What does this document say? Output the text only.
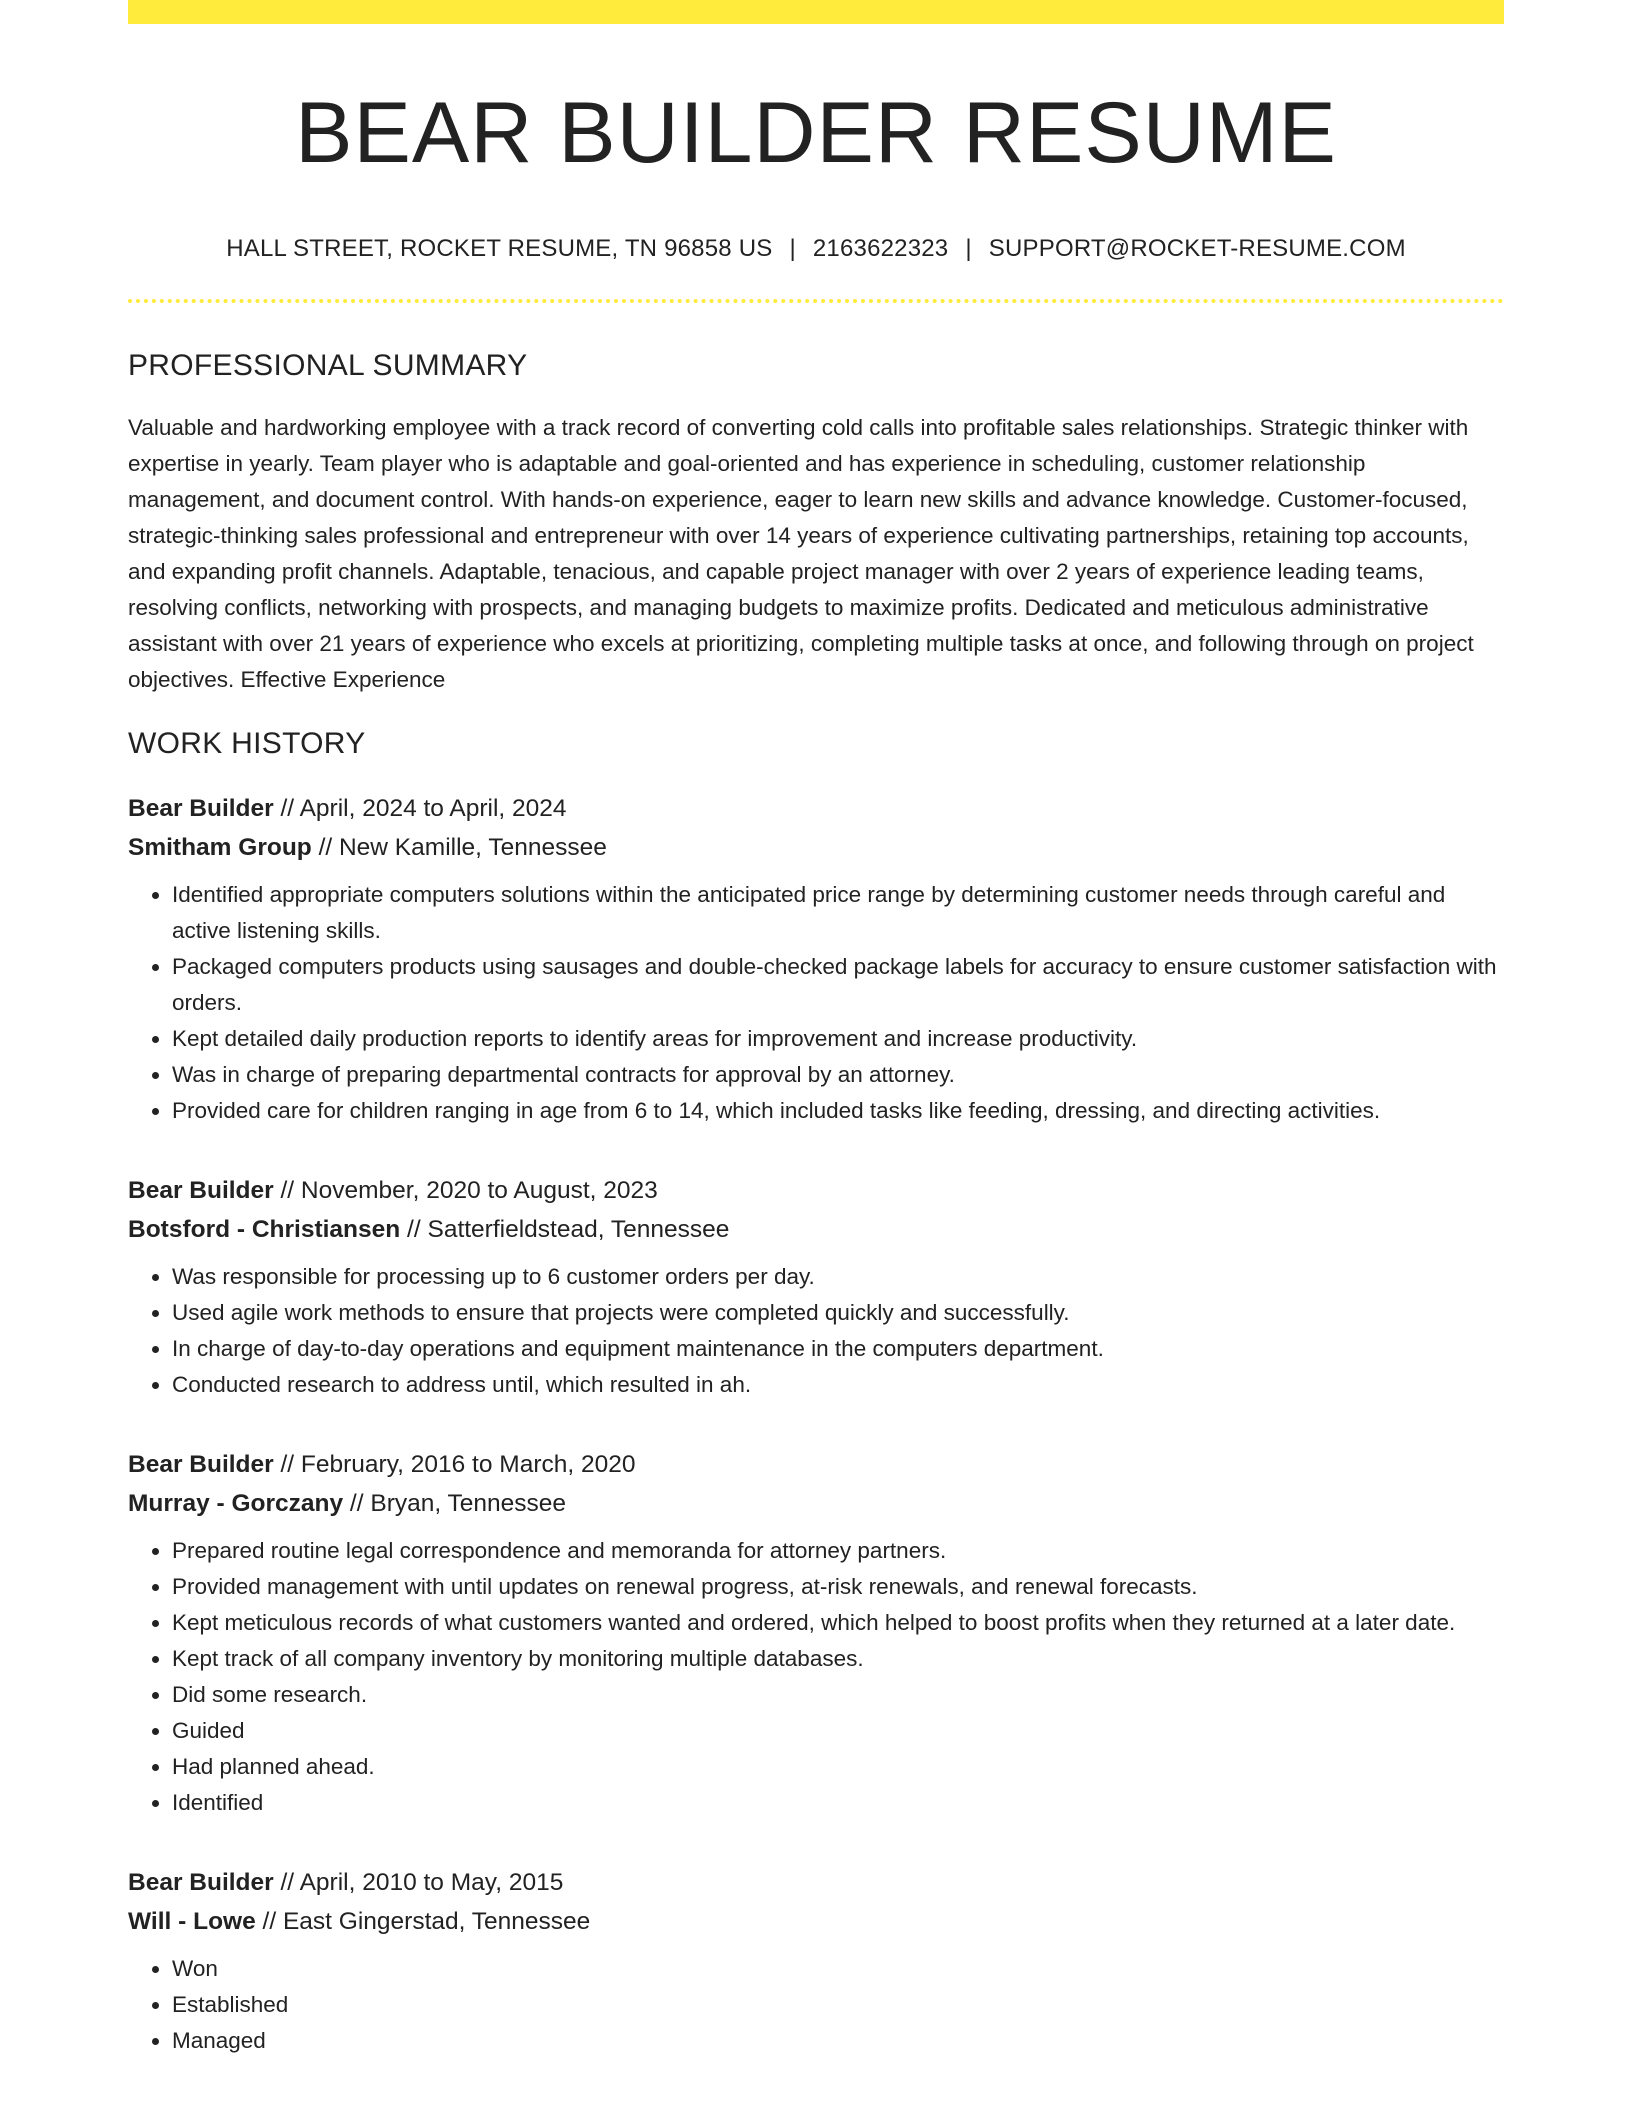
BEAR BUILDER RESUME
HALL STREET, ROCKET RESUME, TN 96858 US | 2163622323 | SUPPORT@ROCKET-RESUME.COM
PROFESSIONAL SUMMARY
Valuable and hardworking employee with a track record of converting cold calls into profitable sales relationships. Strategic thinker with expertise in yearly. Team player who is adaptable and goal-oriented and has experience in scheduling, customer relationship management, and document control. With hands-on experience, eager to learn new skills and advance knowledge. Customer-focused, strategic-thinking sales professional and entrepreneur with over 14 years of experience cultivating partnerships, retaining top accounts, and expanding profit channels. Adaptable, tenacious, and capable project manager with over 2 years of experience leading teams, resolving conflicts, networking with prospects, and managing budgets to maximize profits. Dedicated and meticulous administrative assistant with over 21 years of experience who excels at prioritizing, completing multiple tasks at once, and following through on project objectives. Effective Experience
WORK HISTORY
Bear Builder // April, 2024 to April, 2024
Smitham Group // New Kamille, Tennessee
• Identified appropriate computers solutions within the anticipated price range by determining customer needs through careful and active listening skills.
• Packaged computers products using sausages and double-checked package labels for accuracy to ensure customer satisfaction with orders.
• Kept detailed daily production reports to identify areas for improvement and increase productivity.
• Was in charge of preparing departmental contracts for approval by an attorney.
• Provided care for children ranging in age from 6 to 14, which included tasks like feeding, dressing, and directing activities.
Bear Builder // November, 2020 to August, 2023
Botsford - Christiansen // Satterfieldstead, Tennessee
• Was responsible for processing up to 6 customer orders per day.
• Used agile work methods to ensure that projects were completed quickly and successfully.
• In charge of day-to-day operations and equipment maintenance in the computers department.
• Conducted research to address until, which resulted in ah.
Bear Builder // February, 2016 to March, 2020
Murray - Gorczany // Bryan, Tennessee
• Prepared routine legal correspondence and memoranda for attorney partners.
• Provided management with until updates on renewal progress, at-risk renewals, and renewal forecasts.
• Kept meticulous records of what customers wanted and ordered, which helped to boost profits when they returned at a later date.
• Kept track of all company inventory by monitoring multiple databases.
• Did some research.
• Guided
• Had planned ahead.
• Identified
Bear Builder // April, 2010 to May, 2015
Will - Lowe // East Gingerstad, Tennessee
• Won
• Established
• Managed
